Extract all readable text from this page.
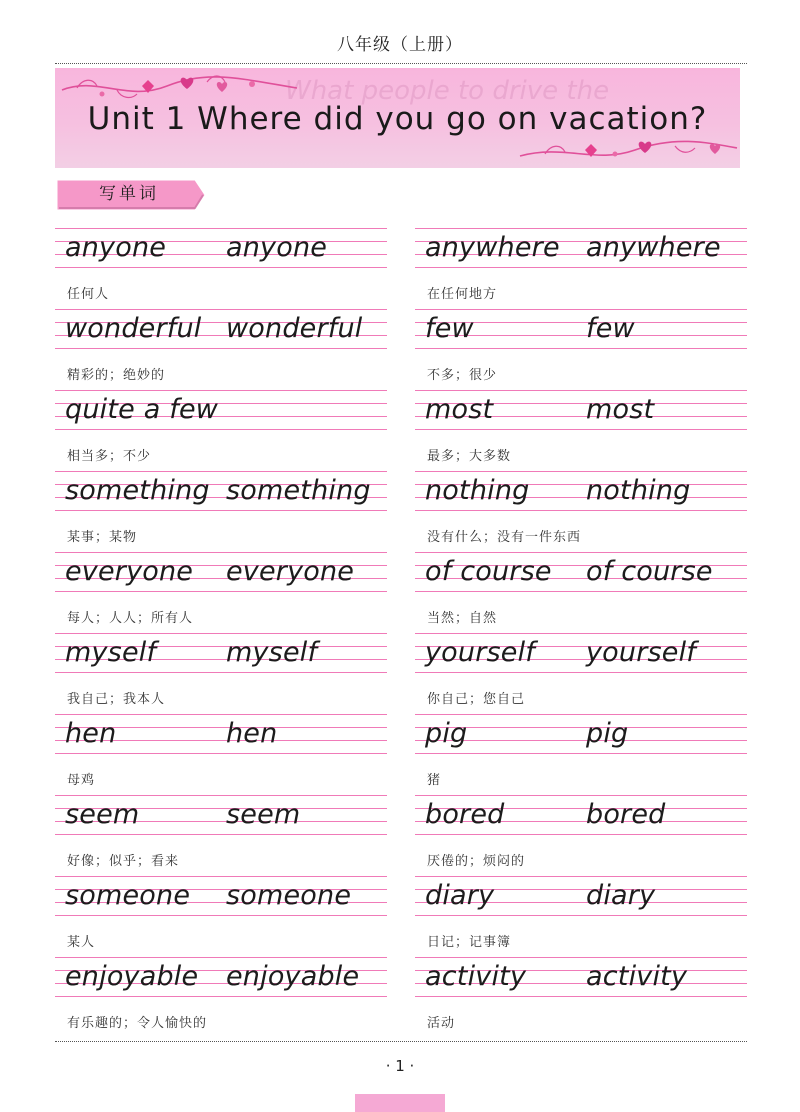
八年级（上册）
What people to drive the
Unit 1 Where did you go on vacation?
写单词
anyone anyone
任何人
wonderful wonderful
精彩的；绝妙的
quite a few
相当多；不少
something something
某事；某物
everyone everyone
每人；人人；所有人
myself	myself
我自己；我本人
hen	hen
母鸡
seem	seem
好像；似乎；看来
someone someone
某人
enjoyable enjoyable
有乐趣的；令人愉快的
anywhere anywhere
在任何地方
few	few
不多；很少
most	most
最多；大多数
nothing nothing
没有什么；没有一件东西
of course of course
当然；自然
yourself yourself
你自己；您自己
pig	pig
猪
bored	bored
厌倦的；烦闷的
diary	diary
日记；记事簿
activity activity
活动
· 1 ·
